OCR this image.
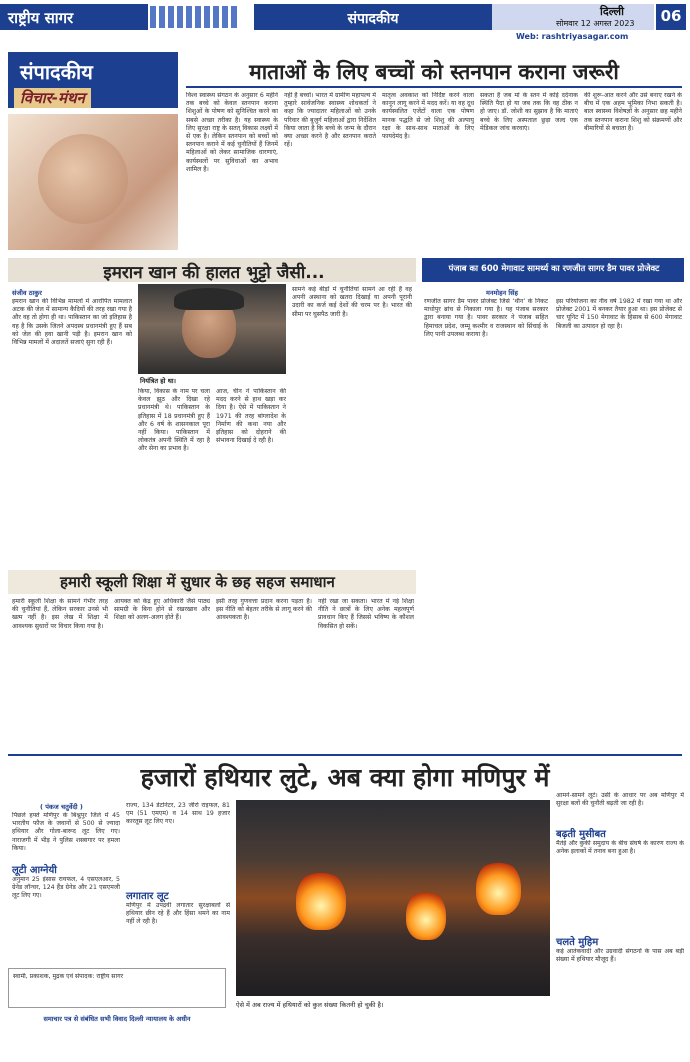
राष्ट्रीय सागर	संपादकीय	दिल्ली
सोमवार 12 अगस्त 2023
Web: rashtriyasagar.com
06
संपादकीय
विचार-मंथन
माताओं के लिए बच्चों को स्तनपान कराना जरूरी
विश्व स्वास्थ्य संगठन के अनुसार 6 महीने तक बच्चे को केवल स्तनपान कराना शिशुओं के पोषण को सुनिश्चित करने का सबसे अच्छा तरीका है। यह स्वास्थ्य के लिए सुरक्षा राष्ट्र के सतत् विकास लक्ष्यों में से एक है। लेकिन स्तनपान को बच्चों को स्तनपान कराने में कई चुनौतियों हैं जिनमें महिलाओं को लेकर सामाजिक धारणाएं, कार्यस्थलों पर सुविधाओं का अभाव शामिल है।
नहीं है बच्चों। भारत में ग्रामीण महापल्य में तुम्हारे सार्वजनिक स्वास्थ्य शोधकर्ता ने कहा कि ज्यादातर महिलाओं को उनके परिवार की बुजुर्ग महिलाओं द्वारा निर्देशित किया जाता है कि बच्चे के जन्म के दौरान क्या अच्छा करने है और स्तनपान कराते रहें।
मातृत्व अवकाश को निर्दिष्ट करने वाला कानून लागू करने में मदद करें। या वह दूध कार्यस्थलित एजेंटों वाला एक पोषण मानक पद्धति से जो शिशु की अल्पायु रक्षा के साथ-साथ माताओं के लिए फायदेमंद है।
सकता है जब मां के स्तन में कोई दर्दनाक स्थिति पैदा हो या जब तक कि वह ठीक न हो जाए। डॉ. जोशी का सुझाव है कि माताएं बच्चे के लिए अस्पताल छुड़ा जल्द एक मेडिकल जांच करवाएं।
की शुरू-आत करने और उसे बनाए रखने के बीच में एक अहम भूमिका निभा सकती है। बाल स्वास्थ्य विशेषज्ञों के अनुसार छह महीने तक स्तनपान कराना शिशु को संक्रमणों और बीमारियों से बचाता है।
इमरान खान की हालत भुट्टो जैसी...
संजीव ठाकुर
इमरान खान की विभिन्न मामलों में आरोपित मामलात अटक की जेल में सामान्य कैदियों की तरह रखा गया है और वह तो होगा ही था। पाकिस्तान का जो इतिहास है वह है कि उसके जितने अपदस्थ प्रधानमंत्री हुए हैं सब को जेल की हवा खानी पड़ी है। इमरान खान को विभिन्न मामलों में अदालतें सजाएं सुना रही हैं।
नियंत्रित हो था।
किया, विकास के नाम पर चला केवल झूठ और दिखा रहे प्रधानमंत्री थे। पाकिस्तान के इतिहास में 18 प्रधानमंत्री हुए हैं और 6 वर्ष के शासनकाल पूरा नहीं किया। पाकिस्तान में लोकतंत्र अपनी स्थिति में रहा है और सेना का प्रभाव है।
आज, चीन ने पाकिस्तान की मदद करने से हाथ खड़ा कर दिया है। ऐसे में पाकिस्तान ने 1971 की तरह बांग्लादेश के निर्माण की कथा नया और इतिहास को दोहराने की संभावना दिखाई दे रही है।
सामने कई बीड़ों में चुनौतियां सामने आ रही हैं वह अपनी अस्थाना को खतरा दिखाई या अपनी पूरानी उदारी का कर्ज कई देशों की चरम पर है। भारत की सीमा पर घुसपैठ जारी है।
पंजाब का 600 मेगावाट सामर्थ्य का रणजीत सागर डैम पावर प्रोजेक्ट
मनमोहन सिंह
रणजीत सागर डैम पावर प्रोजेक्ट जिसे ‘थीन’ के निकट माधोपुर ब्रांच से निकाला गया है। यह पंजाब सरकार द्वारा बनाया गया है। पावर सरकार ने पंजाब सहित हिमाचल प्रदेश, जम्मू कश्मीर व राजस्थान को सिंचाई के लिए पानी उपलब्ध कराया है।
इस परियोजना का नीव वर्ष 1982 में रखा गया था और प्रोजेक्ट 2001 में बनकर तैयार हुआ था। इस प्रोजेक्ट से चार यूनिट में 150 मेगावाट के हिसाब से 600 मेगावाट बिजली का उत्पादन हो रहा है।
हमारी स्कूली शिक्षा में सुधार के छह सहज समाधान
हमारी स्कूली शिक्षा के सामने गंभीर तरह की चुनौतियां हैं, लेकिन सरकार उनसे भी खत्म नहीं है। इस लेख में शिक्षा में आवश्यक सुधारों पर विचार किया गया है।
आयक्त को केंद्र हुए अधिकारी जैसे पाठ्य सामग्री के बिना होने से रखरखाव और शिक्षा को अलग-अलग होते हैं।
इसी तरह गुणवत्ता प्रदान करना पड़ता है। इस नीति को बेहतर तरीके से लागू करने की आवश्यकता है।
नहीं रखा जा सकता। भारत में नई शिक्षा नीति ने छात्रों के लिए अनेक महत्वपूर्ण प्रावधान किए हैं जिससे भविष्य के कौशल विकसित हो सकें।
हजारों हथियार लुटे, अब क्या होगा मणिपुर में
( पंकज चतुर्वेदी )
पिछले हफ्ते मणिपुर के बिश्नुपुर जिले में 45 भारतीय फौज के जवानों से 500 से ज्यादा हथियार और गोला-बारूद लूट लिए गए। नाराजगी में भीड़ ने पुलिस शस्त्रागार पर हमला किया।
लूटी आग्नेयी
अनुमान 25 इंसास रायफल, 4 एसएलआर, 5 ग्रेनेड लॉन्चर, 124 हैंड ग्रेनेड और 21 एसएमजी लूट लिए गए।
राज्य, 134 डेटोनेटर, 23 जीरो राइफल, 81 एम (51 एमएम) व 14 साथ 19 हजार कारतूस लूट लिए गए।
लगातार लूट
मणिपुर में उपद्रवी लगातार सुरक्षाबलों से हथियार छीन रहे हैं और हिंसा थमने का नाम नहीं ले रही है।
ऐसे में अब राज्य में हथियारों को कुल संख्या कितनी हो चुकी है।
आमने-सामने लूटे। उसी के आधार पर अब मणिपुर में सुरक्षा बलों की चुनौती बढ़ती जा रही है।
बढ़ती मुसीबत
मैतेई और कुकी समुदाय के बीच संघर्ष के कारण राज्य के अनेक इलाकों में तनाव बना हुआ है।
चलते मुहिम
कई आतंकवादी और उग्रवादी संगठनों के पास अब बड़ी संख्या में हथियार मौजूद हैं।
स्वामी, प्रकाशक, मुद्रक एवं संपादक: राष्ट्रीय सागर
समाचार पत्र से संबंधित सभी विवाद दिल्ली न्यायालय के अधीन
